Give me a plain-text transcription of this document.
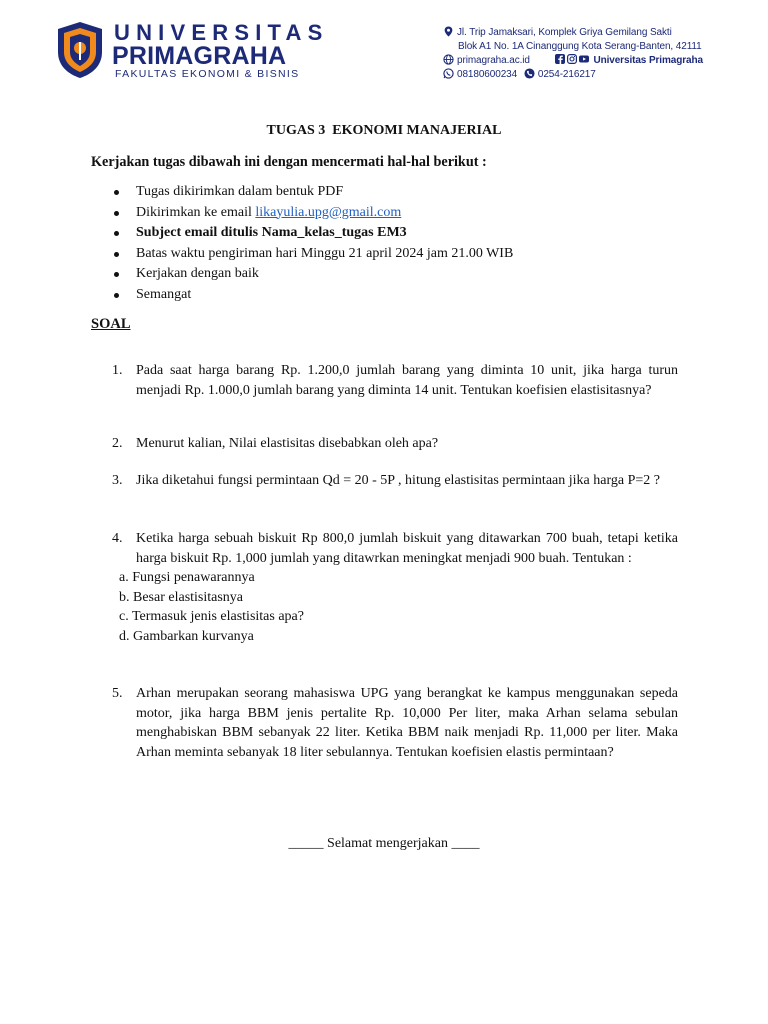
UNIVERSITAS
PRIMAGRAHA
FAKULTAS EKONOMI & BISNIS
Jl. Trip Jamaksari, Komplek Griya Gemilang Sakti
Blok A1 No. 1A Cinanggung Kota Serang-Banten, 42111
primagraha.ac.id	Universitas Primagraha
08180600234 0254-216217
TUGAS 3  EKONOMI MANAJERIAL
Kerjakan tugas dibawah ini dengan mencermati hal-hal berikut :
Tugas dikirimkan dalam bentuk PDF
Dikirimkan ke email likayulia.upg@gmail.com
Subject email ditulis Nama_kelas_tugas EM3
Batas waktu pengiriman hari Minggu 21 april 2024 jam 21.00 WIB
Kerjakan dengan baik
Semangat
SOAL
1. Pada saat harga barang Rp. 1.200,0 jumlah barang yang diminta 10 unit, jika harga turun menjadi Rp. 1.000,0 jumlah barang yang diminta 14 unit. Tentukan koefisien elastisitasnya?
2. Menurut kalian, Nilai elastisitas disebabkan oleh apa?
3. Jika diketahui fungsi permintaan Qd = 20 - 5P , hitung elastisitas permintaan jika harga P=2 ?
4. Ketika harga sebuah biskuit Rp 800,0 jumlah biskuit yang ditawarkan 700 buah, tetapi ketika harga biskuit Rp. 1,000 jumlah yang ditawrkan meningkat menjadi 900 buah. Tentukan :
a. Fungsi penawarannya
b. Besar elastisitasnya
c. Termasuk jenis elastisitas apa?
d. Gambarkan kurvanya
5. Arhan merupakan seorang mahasiswa UPG yang berangkat ke kampus menggunakan sepeda motor, jika harga BBM jenis pertalite Rp. 10,000 Per liter, maka Arhan selama sebulan menghabiskan BBM sebanyak 22 liter. Ketika BBM naik menjadi Rp. 11,000 per liter. Maka Arhan meminta sebanyak 18 liter sebulannya. Tentukan koefisien elastis permintaan?
_____ Selamat mengerjakan ____
